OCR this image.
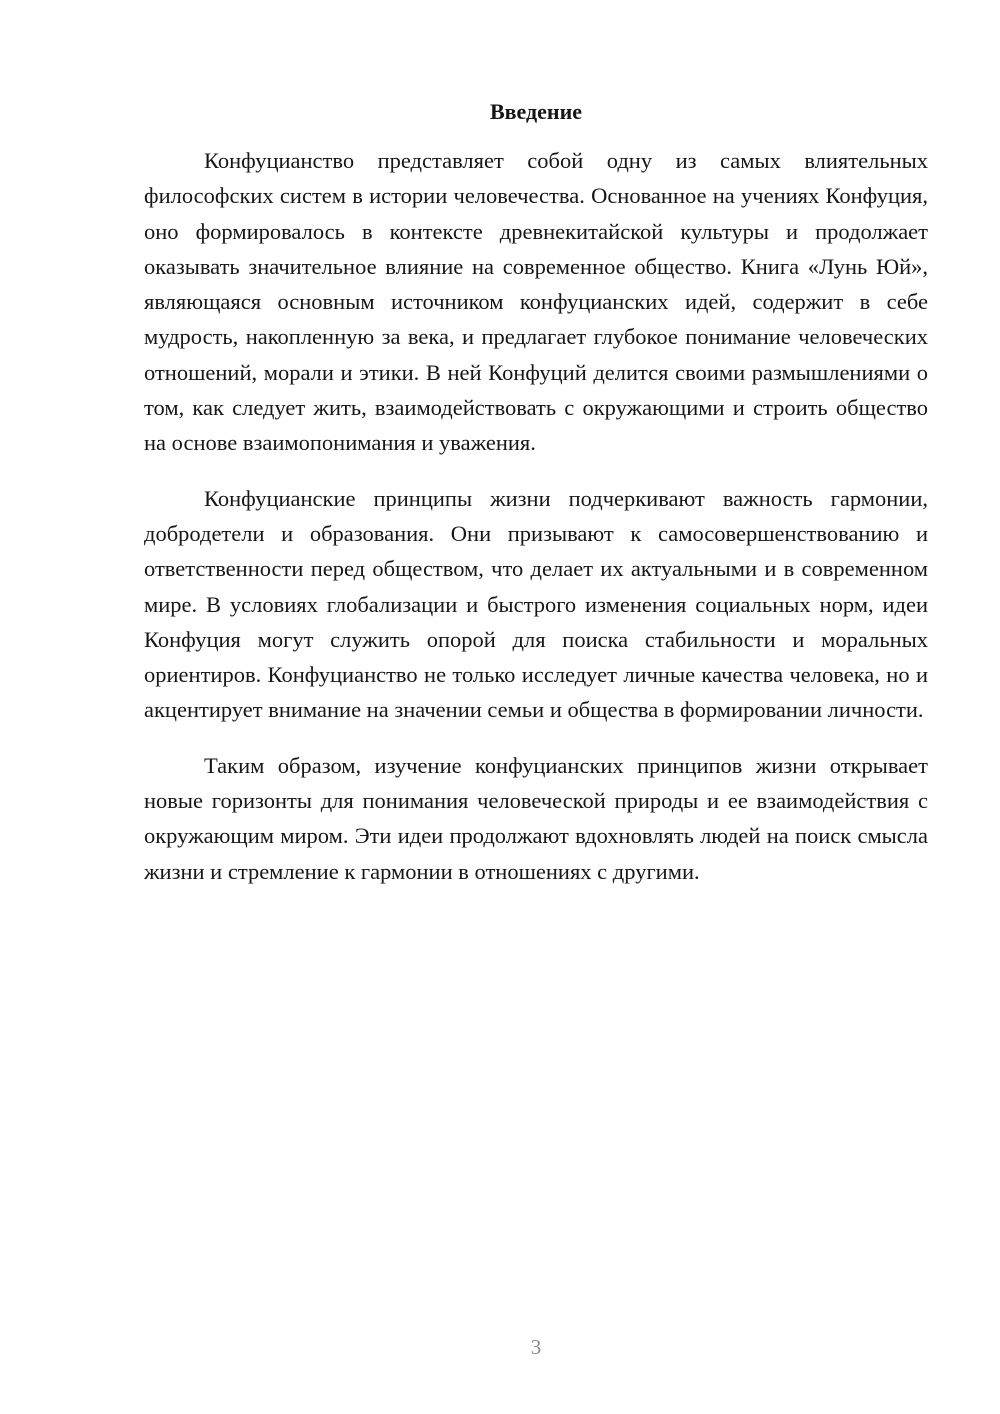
Введение

Конфуцианство представляет собой одну из самых влиятельных философских систем в истории человечества. Основанное на учениях Конфуция, оно формировалось в контексте древнекитайской культуры и продолжает оказывать значительное влияние на современное общество. Книга «Лунь Юй», являющаяся основным источником конфуцианских идей, содержит в себе мудрость, накопленную за века, и предлагает глубокое понимание человеческих отношений, морали и этики. В ней Конфуций делится своими размышлениями о том, как следует жить, взаимодействовать с окружающими и строить общество на основе взаимопонимания и уважения.

Конфуцианские принципы жизни подчеркивают важность гармонии, добродетели и образования. Они призывают к самосовершенствованию и ответственности перед обществом, что делает их актуальными и в современном мире. В условиях глобализации и быстрого изменения социальных норм, идеи Конфуция могут служить опорой для поиска стабильности и моральных ориентиров. Конфуцианство не только исследует личные качества человека, но и акцентирует внимание на значении семьи и общества в формировании личности.

Таким образом, изучение конфуцианских принципов жизни открывает новые горизонты для понимания человеческой природы и ее взаимодействия с окружающим миром. Эти идеи продолжают вдохновлять людей на поиск смысла жизни и стремление к гармонии в отношениях с другими.

3
